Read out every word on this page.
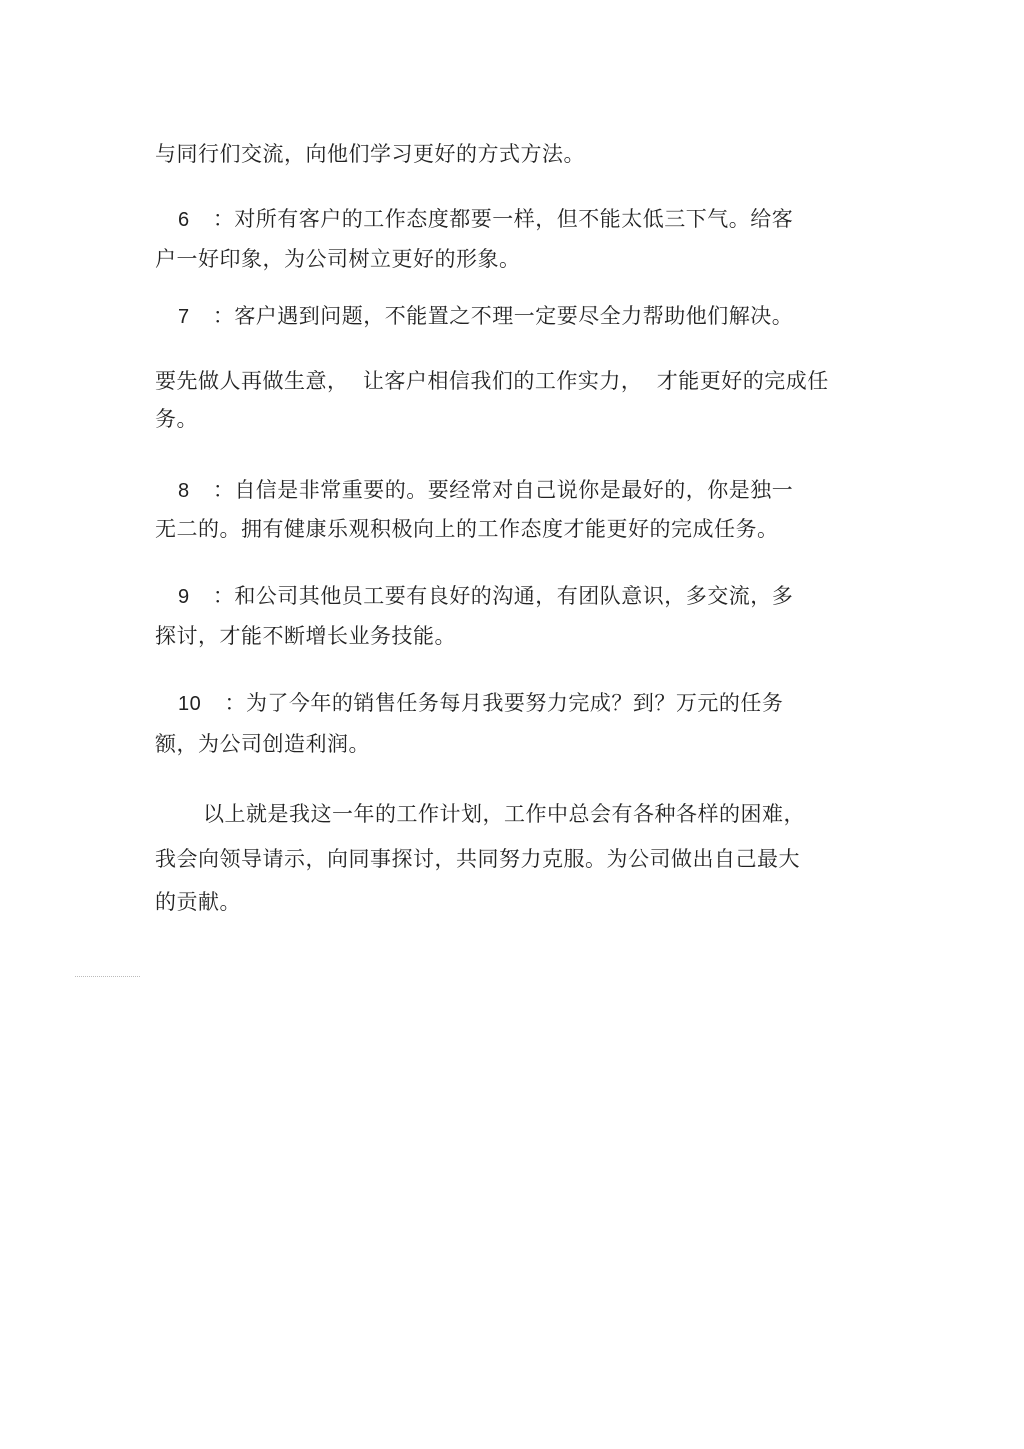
与同行们交流，向他们学习更好的方式方法。
6 ：对所有客户的工作态度都要一样，但不能太低三下气。给客
户一好印象，为公司树立更好的形象。
7 ：客户遇到问题，不能置之不理一定要尽全力帮助他们解决。
要先做人再做生意，  让客户相信我们的工作实力，  才能更好的完成任
务。
8 ：自信是非常重要的。要经常对自己说你是最好的，你是独一
无二的。拥有健康乐观积极向上的工作态度才能更好的完成任务。
9 ：和公司其他员工要有良好的沟通，有团队意识，多交流，多
探讨，才能不断增长业务技能。
10 ：为了今年的销售任务每月我要努力完成？到？万元的任务
额，为公司创造利润。
以上就是我这一年的工作计划，工作中总会有各种各样的困难，
我会向领导请示，向同事探讨，共同努力克服。为公司做出自己最大
的贡献。
